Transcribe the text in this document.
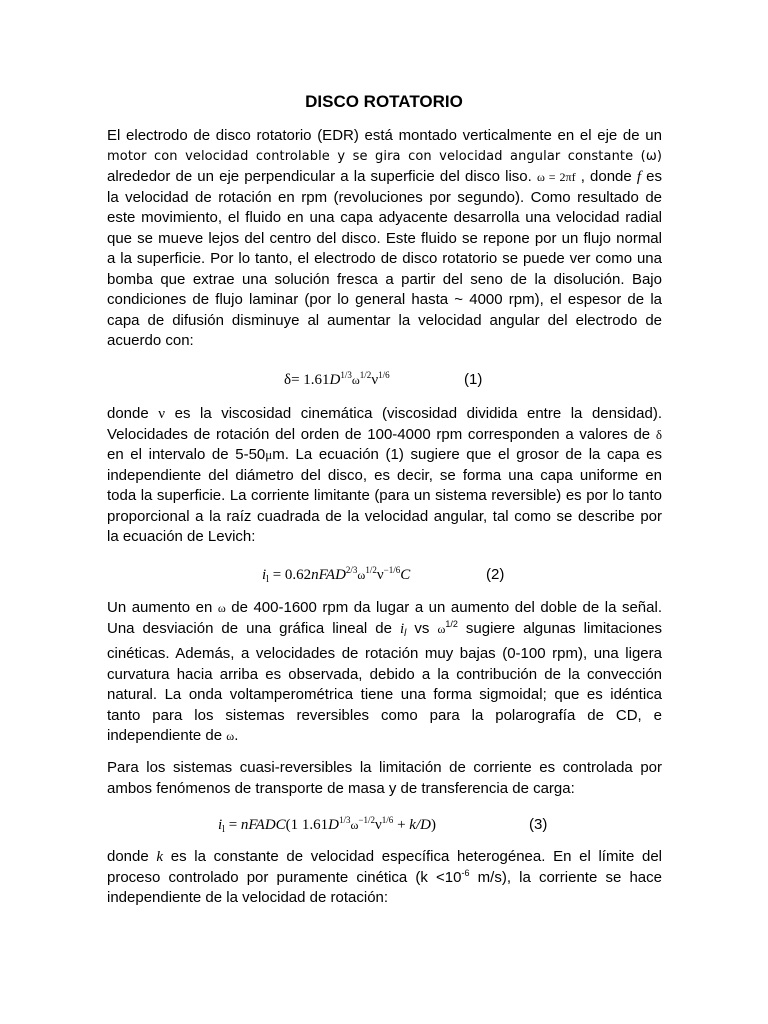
DISCO ROTATORIO
El electrodo de disco rotatorio (EDR) está montado verticalmente en el eje de un
motor con velocidad controlable y se gira con velocidad angular constante (ω)
alrededor de un eje perpendicular a la superficie del disco liso. ω = 2πf , donde f es
la velocidad de rotación en rpm (revoluciones por segundo). Como resultado de
este movimiento, el fluido en una capa adyacente desarrolla una velocidad radial
que se mueve lejos del centro del disco. Este fluido se repone por un flujo normal
a la superficie. Por lo tanto, el electrodo de disco rotatorio se puede ver como una
bomba que extrae una solución fresca a partir del seno de la disolución. Bajo
condiciones de flujo laminar (por lo general hasta ~ 4000 rpm), el espesor de la
capa de difusión disminuye al aumentar la velocidad angular del electrodo de
acuerdo con:
$\delta= 1.61D^{1/3}\omega^{1/2}\nu^{1/6}$	(1)
donde ν es la viscosidad cinemática (viscosidad dividida entre la densidad).
Velocidades de rotación del orden de 100-4000 rpm corresponden a valores de δ
en el intervalo de 5-50μm. La ecuación (1) sugiere que el grosor de la capa es
independiente del diámetro del disco, es decir, se forma una capa uniforme en
toda la superficie. La corriente limitante (para un sistema reversible) es por lo tanto
proporcional a la raíz cuadrada de la velocidad angular, tal como se describe por
la ecuación de Levich:
$i_l$ = $0.62nFAD^{2/3}\omega^{1/2}\nu^{-1/6}C$	(2)
Un aumento en ω de 400-1600 rpm da lugar a un aumento del doble de la señal.
Una desviación de una gráfica lineal de $i_l$ vs $\omega^{1/2}$ sugiere algunas limitaciones
cinéticas. Además, a velocidades de rotación muy bajas (0-100 rpm), una ligera
curvatura hacia arriba es observada, debido a la contribución de la convección
natural. La onda voltamperométrica tiene una forma sigmoidal; que es idéntica
tanto para los sistemas reversibles como para la polarografía de CD, e
independiente de ω.
Para los sistemas cuasi-reversibles la limitación de corriente es controlada por
ambos fenómenos de transporte de masa y de transferencia de carga:
$i_l$ = nFADC(1 $1.61D^{1/3}\omega^{-1/2}\nu^{1/6} + k/D$)	(3)
donde k es la constante de velocidad específica heterogénea. En el límite del
proceso controlado por puramente cinética ($k <10^{-6}$ m/s), la corriente se hace
independiente de la velocidad de rotación:
